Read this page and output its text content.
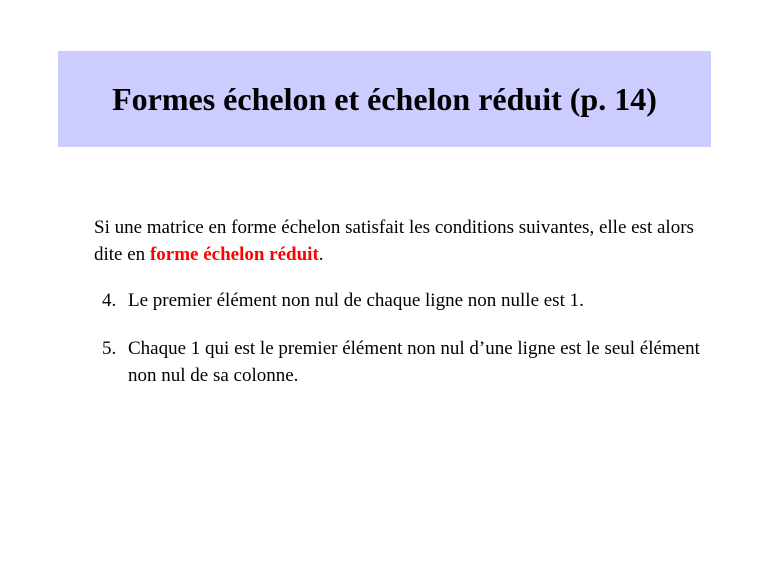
Formes échelon et échelon réduit (p. 14)

Si une matrice en forme échelon satisfait les conditions suivantes, elle est alors dite en forme échelon réduit.

4. Le premier élément non nul de chaque ligne non nulle est 1.
5. Chaque 1 qui est le premier élément non nul d’une ligne est le seul élément non nul de sa colonne.
